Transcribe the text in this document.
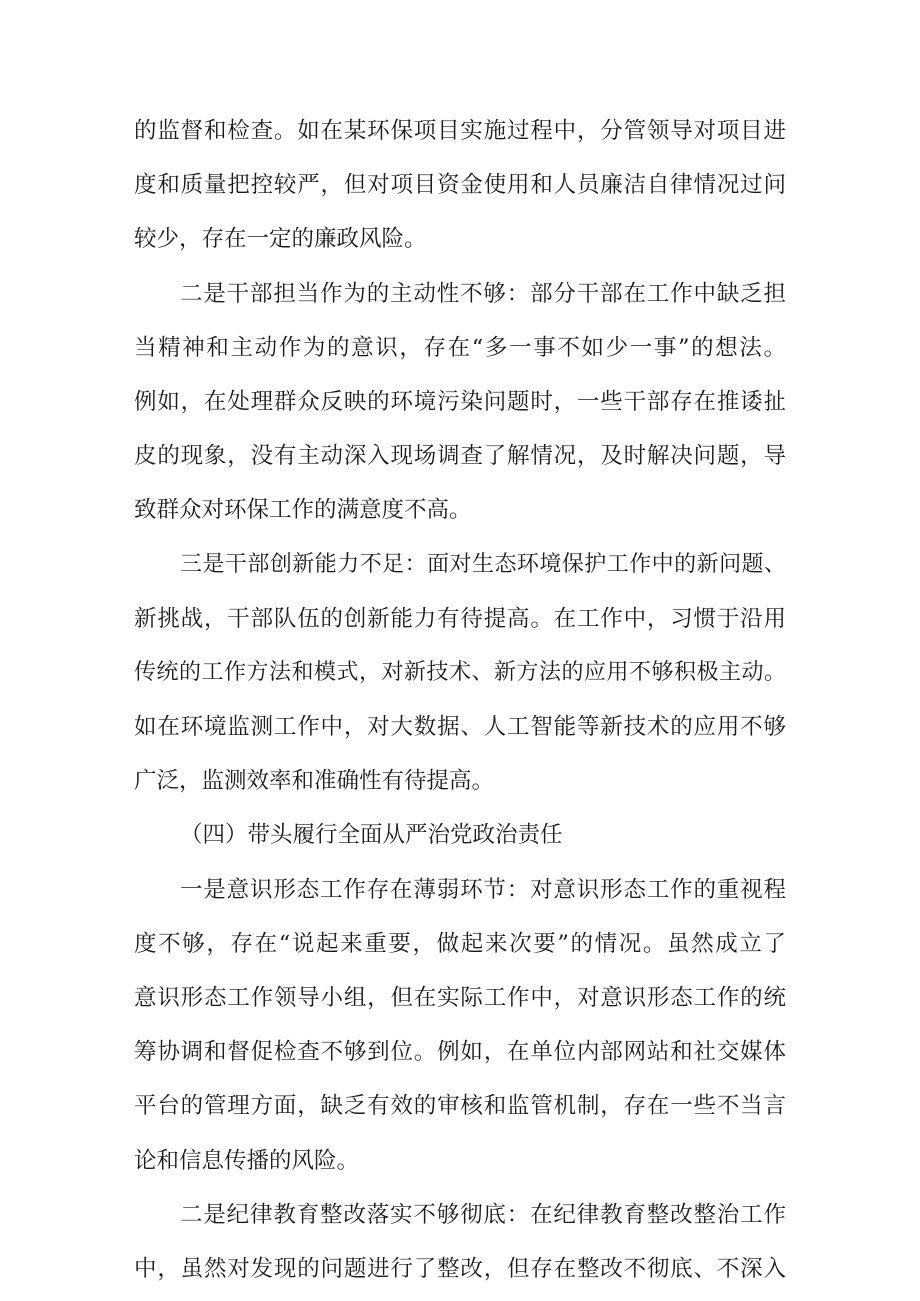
的监督和检查。如在某环保项目实施过程中，分管领导对项目进
度和质量把控较严，但对项目资金使用和人员廉洁自律情况过问
较少，存在一定的廉政风险。
二是干部担当作为的主动性不够：部分干部在工作中缺乏担
当精神和主动作为的意识，存在“多一事不如少一事”的想法。
例如，在处理群众反映的环境污染问题时，一些干部存在推诿扯
皮的现象，没有主动深入现场调查了解情况，及时解决问题，导
致群众对环保工作的满意度不高。
三是干部创新能力不足：面对生态环境保护工作中的新问题、
新挑战，干部队伍的创新能力有待提高。在工作中，习惯于沿用
传统的工作方法和模式，对新技术、新方法的应用不够积极主动。
如在环境监测工作中，对大数据、人工智能等新技术的应用不够
广泛，监测效率和准确性有待提高。
（四）带头履行全面从严治党政治责任
一是意识形态工作存在薄弱环节：对意识形态工作的重视程
度不够，存在“说起来重要，做起来次要”的情况。虽然成立了
意识形态工作领导小组，但在实际工作中，对意识形态工作的统
筹协调和督促检查不够到位。例如，在单位内部网站和社交媒体
平台的管理方面，缺乏有效的审核和监管机制，存在一些不当言
论和信息传播的风险。
二是纪律教育整改落实不够彻底：在纪律教育整改整治工作
中，虽然对发现的问题进行了整改，但存在整改不彻底、不深入
